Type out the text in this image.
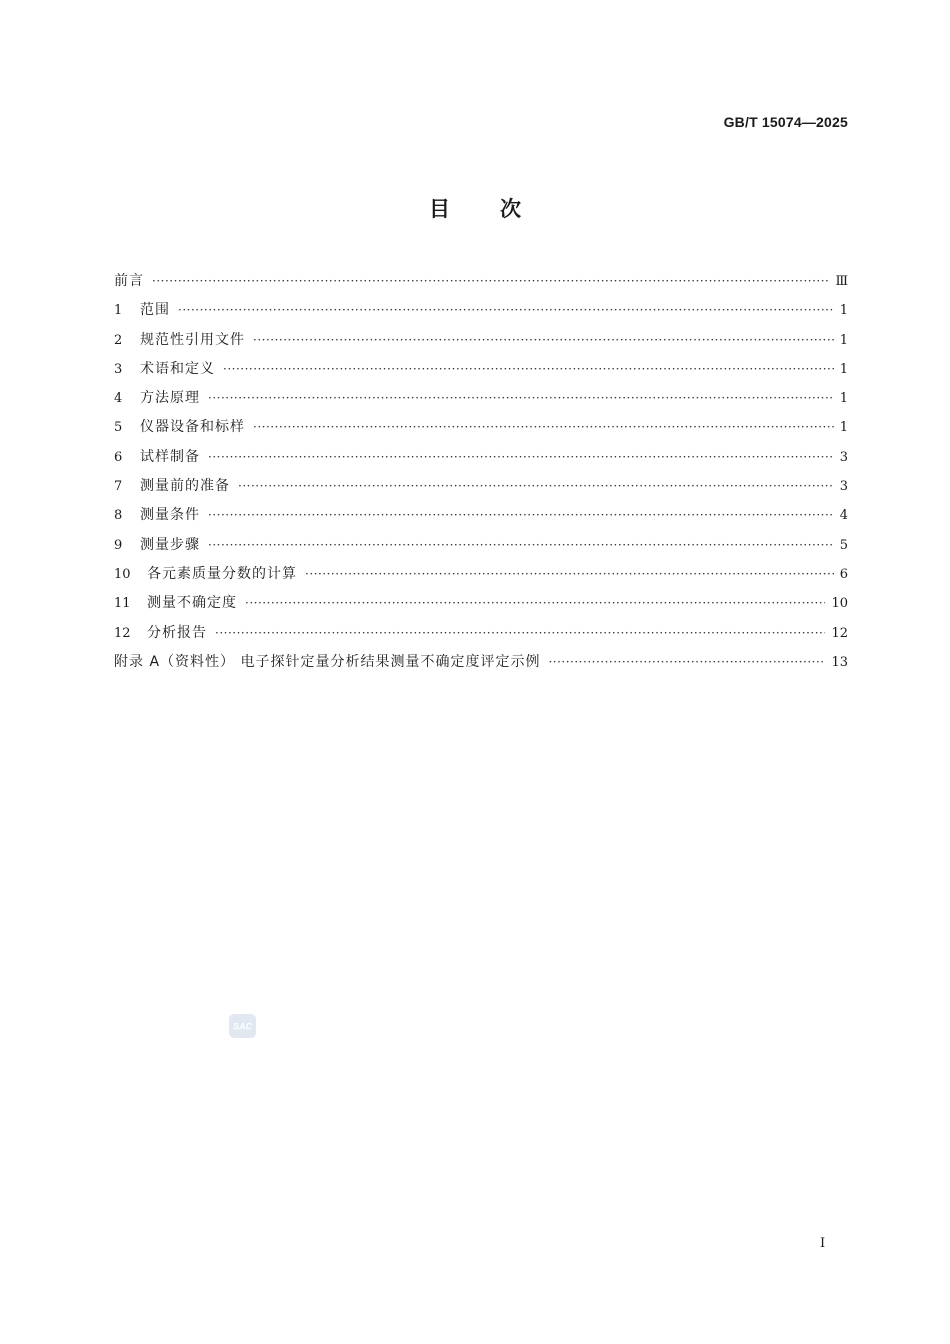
GB/T 15074—2025
目次
前言 ·····	Ⅲ
1	范围 ·····	1
2	规范性引用文件 ·····	1
3	术语和定义 ·····	1
4	方法原理 ·····	1
5	仪器设备和标样 ·····	1
6	试样制备 ·····	3
7	测量前的准备 ·····	3
8	测量条件 ·····	4
9	测量步骤 ·····	5
10	各元素质量分数的计算 ·····	6
11	测量不确定度 ·····	10
12	分析报告 ·····	12
附录 A（资料性） 电子探针定量分析结果测量不确定度评定示例 ·····	13
SAC
I
